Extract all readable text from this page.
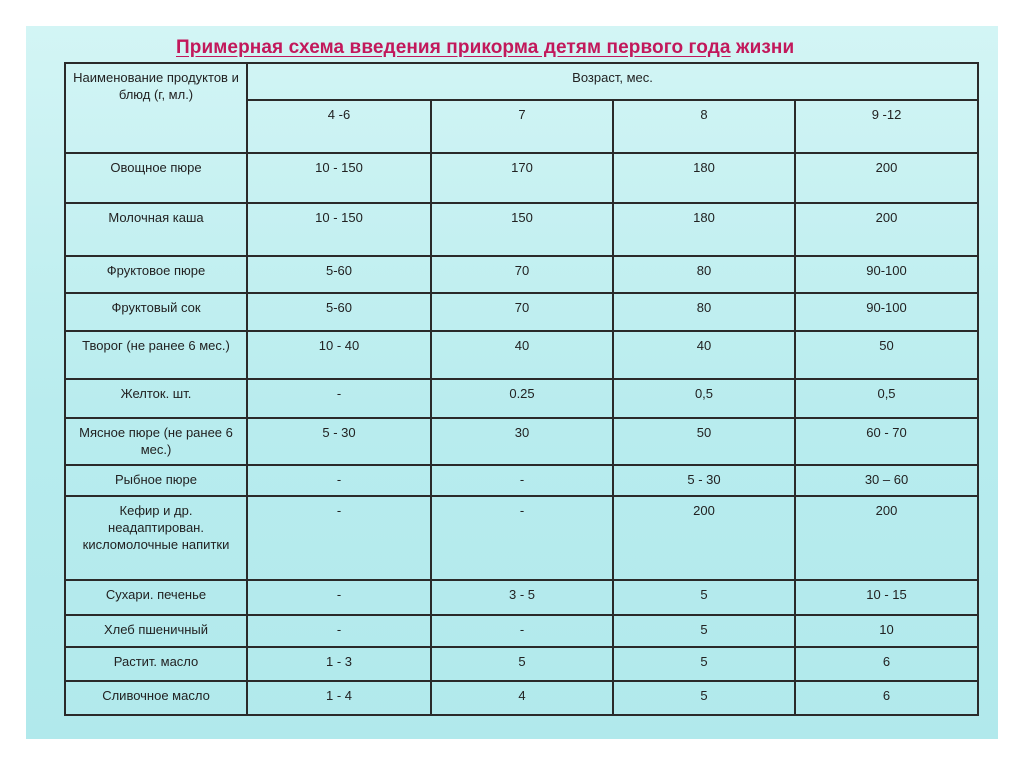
Примерная схема введения прикорма детям первого года жизни
Наименование продуктов и блюд (г, мл.)	Возраст, мес.			
	4 -6	7	8	9 -12
Овощное пюре	10 - 150	170	180	200
Молочная каша	10 - 150	150	180	200
Фруктовое пюре	5-60	70	80	90-100
Фруктовый сок	5-60	70	80	90-100
Творог (не ранее 6 мес.)	10 - 40	40	40	50
Желток. шт.	-	0.25	0,5	0,5
Мясное пюре (не ранее 6 мес.)	5 - 30	30	50	60 - 70
Рыбное пюре	-	-	5 - 30	30 – 60
Кефир и др. неадаптирован. кисломолочные напитки	-	-	200	200
Сухари. печенье	-	3 - 5	5	10 - 15
Хлеб пшеничный	-	-	5	10
Растит. масло	1 - 3	5	5	6
Сливочное масло	1 - 4	4	5	6
